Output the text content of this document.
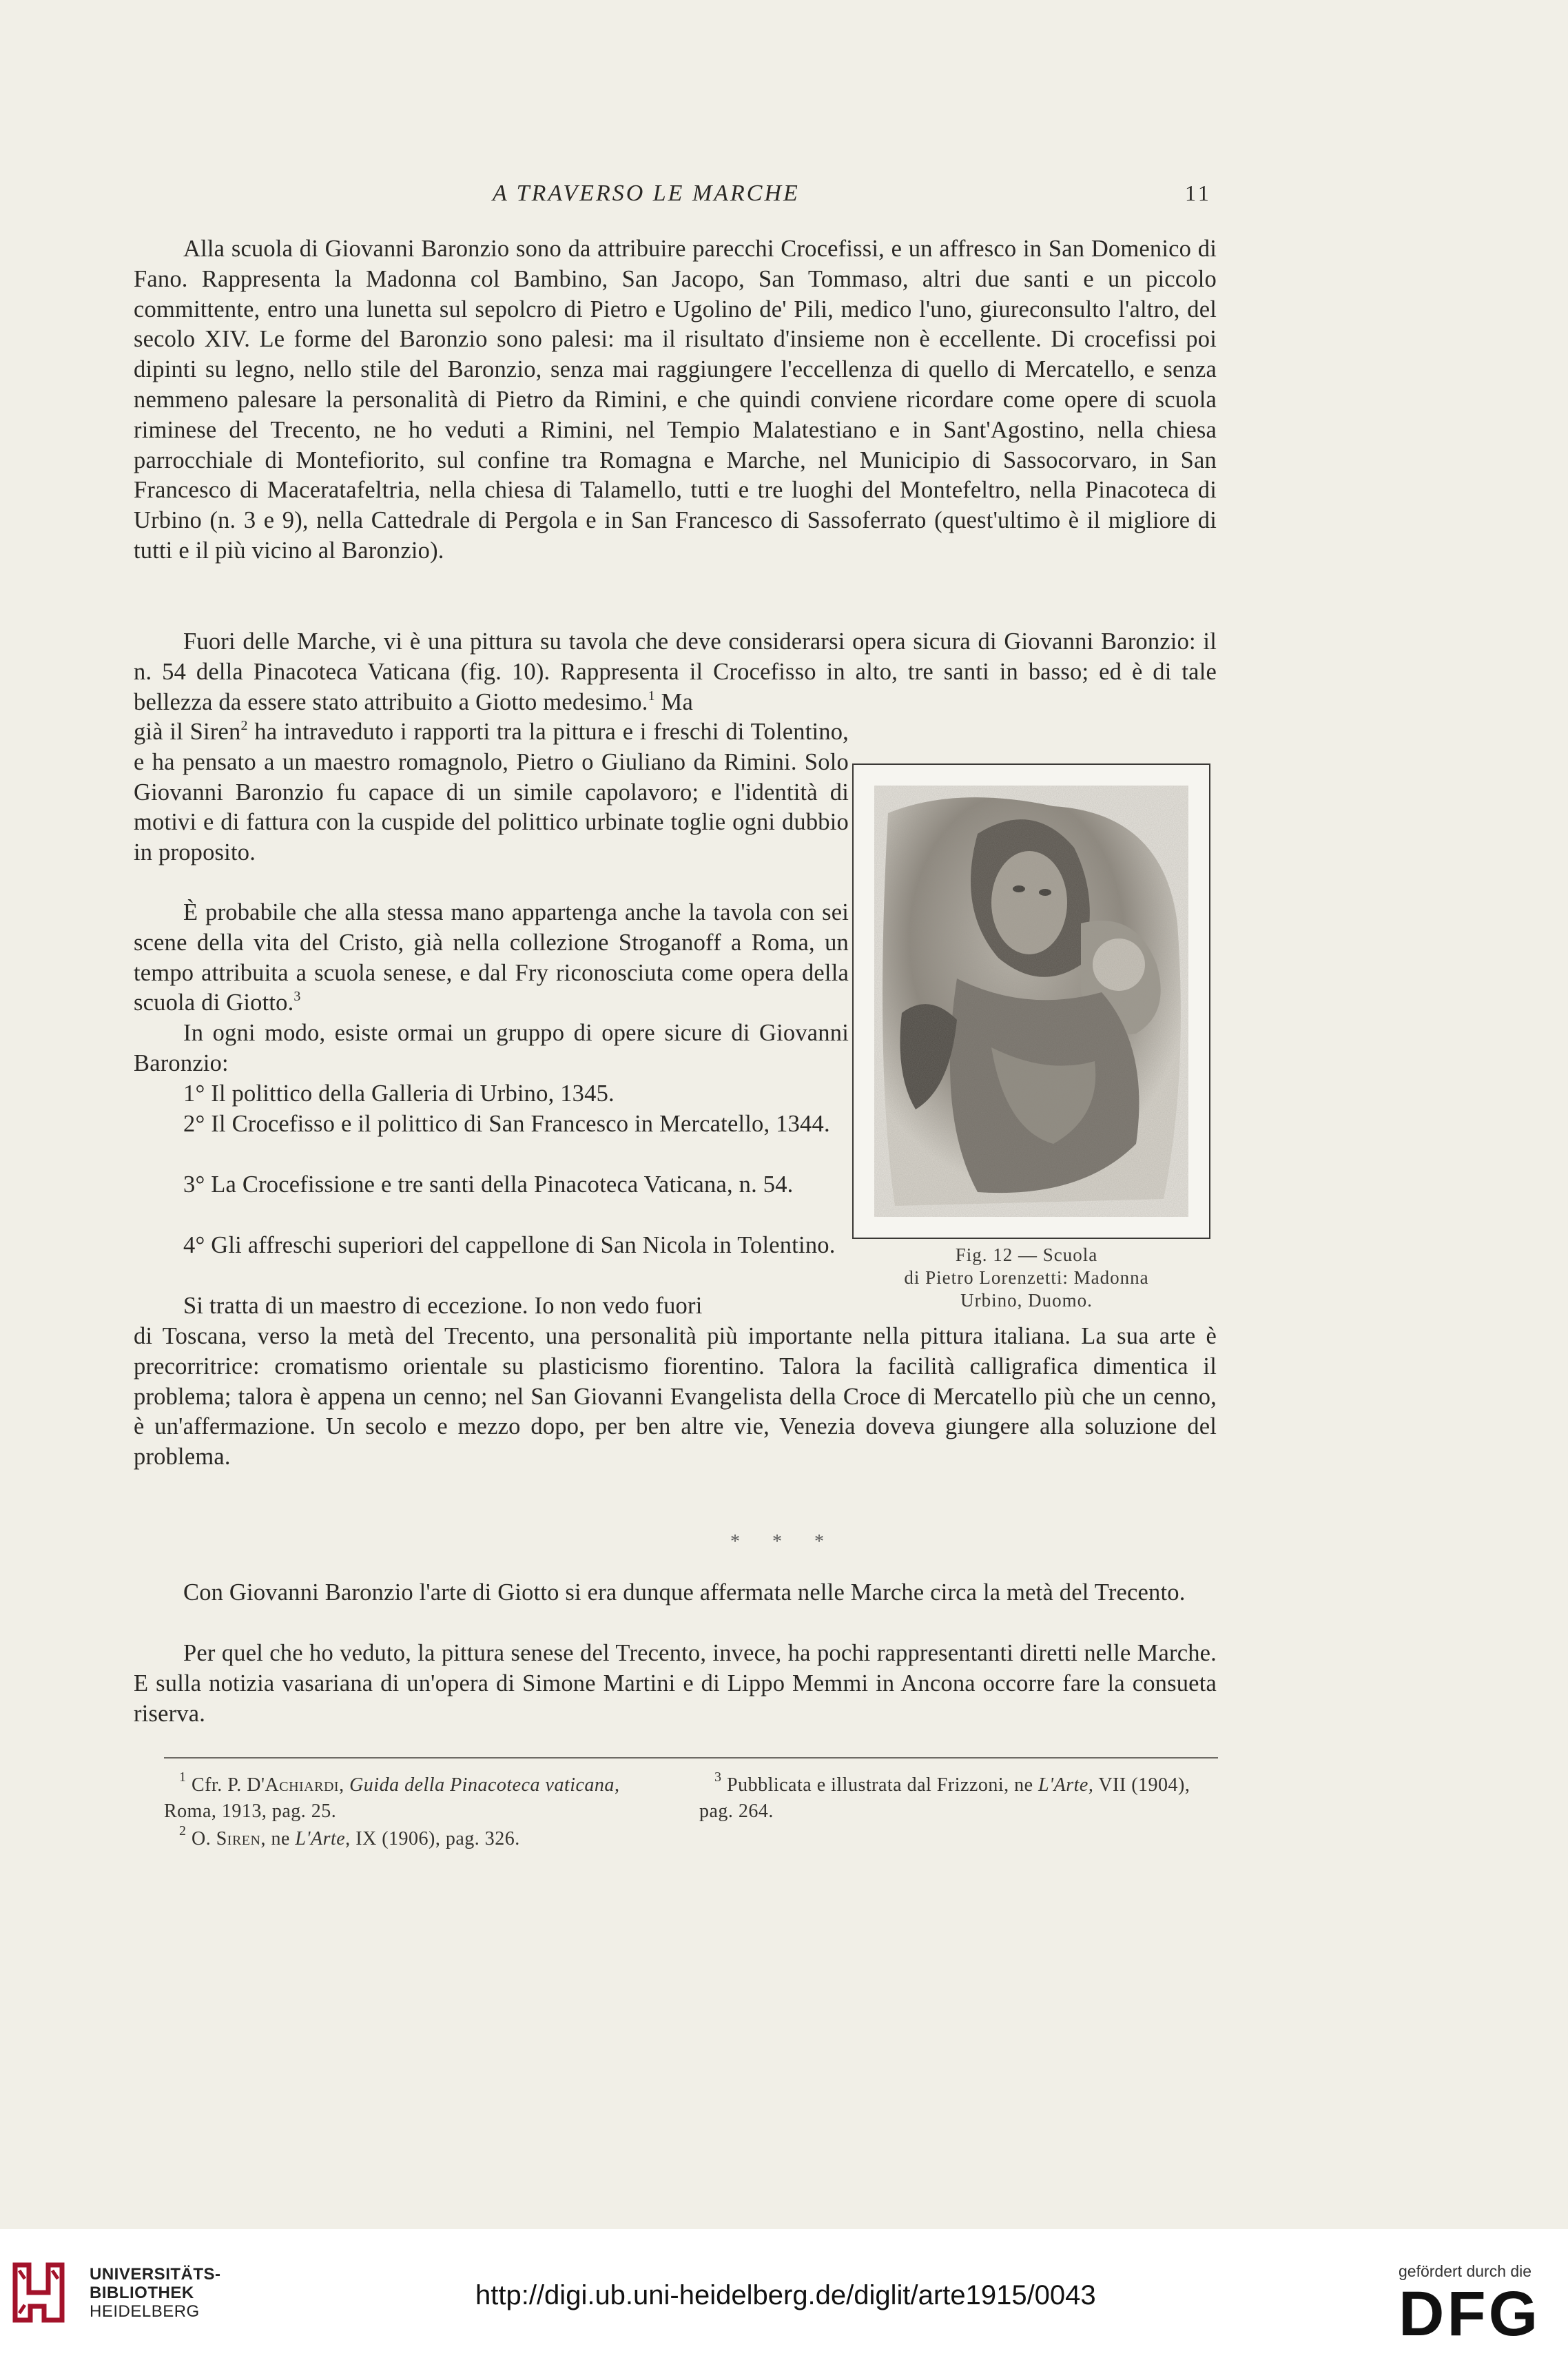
A TRAVERSO LE MARCHE	11

Alla scuola di Giovanni Baronzio sono da attribuire parecchi Crocefissi, e un affresco in San Domenico di Fano. Rappresenta la Madonna col Bambino, San Jacopo, San Tommaso, altri due santi e un piccolo committente, entro una lunetta sul sepolcro di Pietro e Ugolino de' Pili, medico l'uno, giureconsulto l'altro, del secolo XIV. Le forme del Baronzio sono palesi: ma il risultato d'insieme non è eccellente. Di crocefissi poi dipinti su legno, nello stile del Baronzio, senza mai raggiungere l'eccellenza di quello di Mercatello, e senza nemmeno palesare la personalità di Pietro da Rimini, e che quindi conviene ricordare come opere di scuola riminese del Trecento, ne ho veduti a Rimini, nel Tempio Malatestiano e in Sant'Agostino, nella chiesa parrocchiale di Montefiorito, sul confine tra Romagna e Marche, nel Municipio di Sassocorvaro, in San Francesco di Maceratafeltria, nella chiesa di Talamello, tutti e tre luoghi del Montefeltro, nella Pinacoteca di Urbino (n. 3 e 9), nella Cattedrale di Pergola e in San Francesco di Sassoferrato (quest'ultimo è il migliore di tutti e il più vicino al Baronzio).

Fuori delle Marche, vi è una pittura su tavola che deve considerarsi opera sicura di Giovanni Baronzio: il n. 54 della Pinacoteca Vaticana (fig. 10). Rappresenta il Crocefisso in alto, tre santi in basso; ed è di tale bellezza da essere stato attribuito a Giotto medesimo.$^1$ Ma

già il Siren$^2$ ha intraveduto i rapporti tra la pittura e i freschi di Tolentino, e ha pensato a un maestro romagnolo, Pietro o Giuliano da Rimini. Solo Giovanni Baronzio fu capace di un simile capolavoro; e l'identità di motivi e di fattura con la cuspide del polittico urbinate toglie ogni dubbio in proposito.

È probabile che alla stessa mano appartenga anche la tavola con sei scene della vita del Cristo, già nella collezione Stroganoff a Roma, un tempo attribuita a scuola senese, e dal Fry riconosciuta come opera della scuola di Giotto.$^3$

In ogni modo, esiste ormai un gruppo di opere sicure di Giovanni Baronzio:

1° Il polittico della Galleria di Urbino, 1345.

2° Il Crocefisso e il polittico di San Francesco in Mercatello, 1344.

3° La Crocefissione e tre santi della Pinacoteca Vaticana, n. 54.

4° Gli affreschi superiori del cappellone di San Nicola in Tolentino.

Si tratta di un maestro di eccezione. Io non vedo fuori

di Toscana, verso la metà del Trecento, una personalità più importante nella pittura italiana. La sua arte è precorritrice: cromatismo orientale su plasticismo fiorentino. Talora la facilità calligrafica dimentica il problema; talora è appena un cenno; nel San Giovanni Evangelista della Croce di Mercatello più che un cenno, è un'affermazione. Un secolo e mezzo dopo, per ben altre vie, Venezia doveva giungere alla soluzione del problema.

* * *

Con Giovanni Baronzio l'arte di Giotto si era dunque affermata nelle Marche circa la metà del Trecento.

Per quel che ho veduto, la pittura senese del Trecento, invece, ha pochi rappresentanti diretti nelle Marche. E sulla notizia vasariana di un'opera di Simone Martini e di Lippo Memmi in Ancona occorre fare la consueta riserva.

Fig. 12 — Scuola
di Pietro Lorenzetti: Madonna
Urbino, Duomo.

$^1$ Cfr. P. D'Achiardi, Guida della Pinacoteca vaticana, Roma, 1913, pag. 25.

$^2$ O. Siren, ne L'Arte, IX (1906), pag. 326.

$^3$ Pubblicata e illustrata dal Frizzoni, ne L'Arte, VII (1904), pag. 264.

UNIVERSITÄTS-
BIBLIOTHEK
HEIDELBERG
http://digi.ub.uni-heidelberg.de/diglit/arte1915/0043
gefördert durch die
DFG
